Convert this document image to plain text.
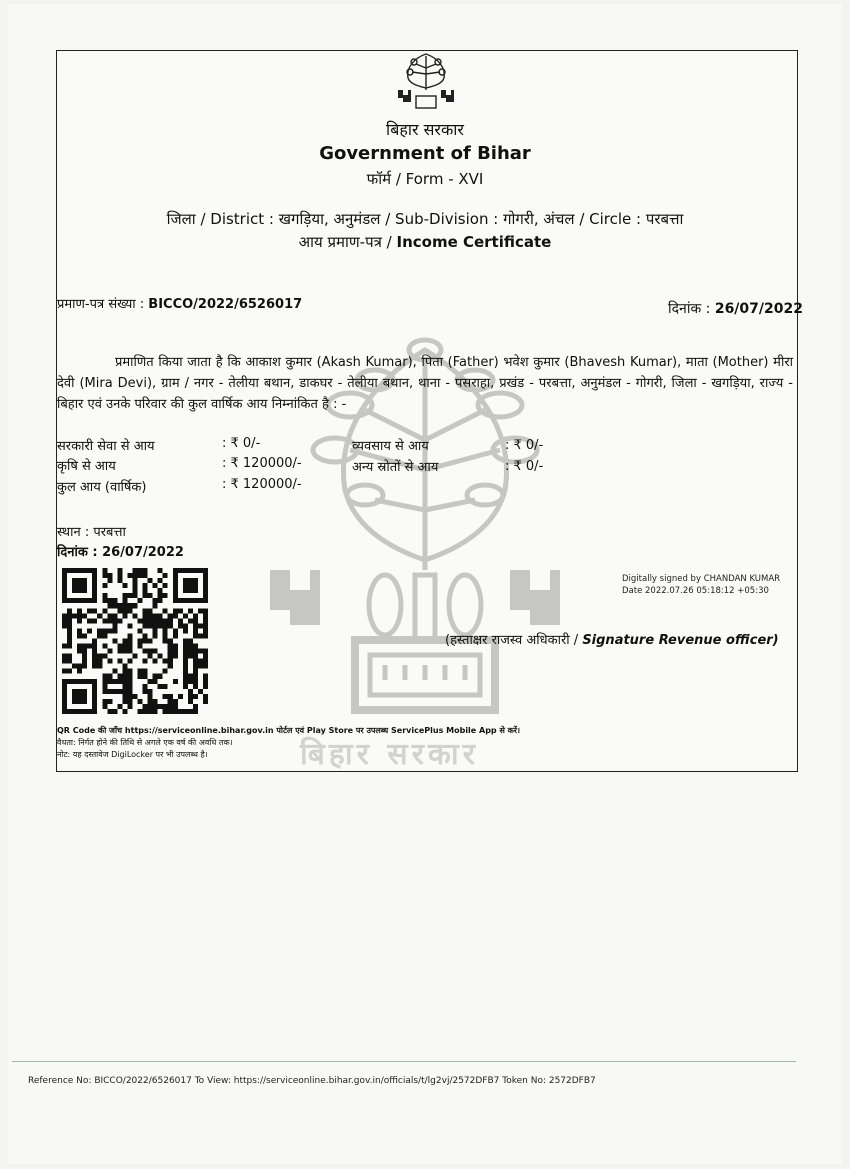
बिहार सरकार
बिहार सरकार
Government of Bihar
फॉर्म / Form - XVI
जिला / District : खगड़िया, अनुमंडल / Sub-Division : गोगरी, अंचल / Circle : परबत्ता
आय प्रमाण-पत्र / Income Certificate
प्रमाण-पत्र संख्या : BICCO/2022/6526017	दिनांक : 26/07/2022
प्रमाणित किया जाता है कि आकाश कुमार (Akash Kumar), पिता (Father) भवेश कुमार (Bhavesh Kumar), माता (Mother) मीरा देवी (Mira Devi), ग्राम / नगर - तेलीया बथान, डाकघर - तेलीया बथान, थाना - पसराहा, प्रखंड - परबत्ता, अनुमंडल - गोगरी, जिला - खगड़िया, राज्य - बिहार एवं उनके परिवार की कुल वार्षिक आय निम्नांकित है : -
सरकारी सेवा से आय	: ₹ 0/-	व्यवसाय से आय	: ₹ 0/-
कृषि से आय	: ₹ 120000/-	अन्य स्रोतों से आय	: ₹ 0/-
कुल आय (वार्षिक)	: ₹ 120000/-
स्थान : परबत्ता
दिनांक : 26/07/2022
Digitally signed by CHANDAN KUMAR
Date 2022.07.26 05:18:12 +05:30
(हस्ताक्षर राजस्व अधिकारी / Signature Revenue officer)
QR Code की जाँच https://serviceonline.bihar.gov.in पोर्टल एवं Play Store पर उपलब्ध ServicePlus Mobile App से करें।
वैधता: निर्गत होने की तिथि से अगले एक वर्ष की अवधि तक।
नोट: यह दस्तावेज DigiLocker पर भी उपलब्ध है।
Reference No: BICCO/2022/6526017 To View: https://serviceonline.bihar.gov.in/officials/t/lg2vj/2572DFB7 Token No: 2572DFB7
